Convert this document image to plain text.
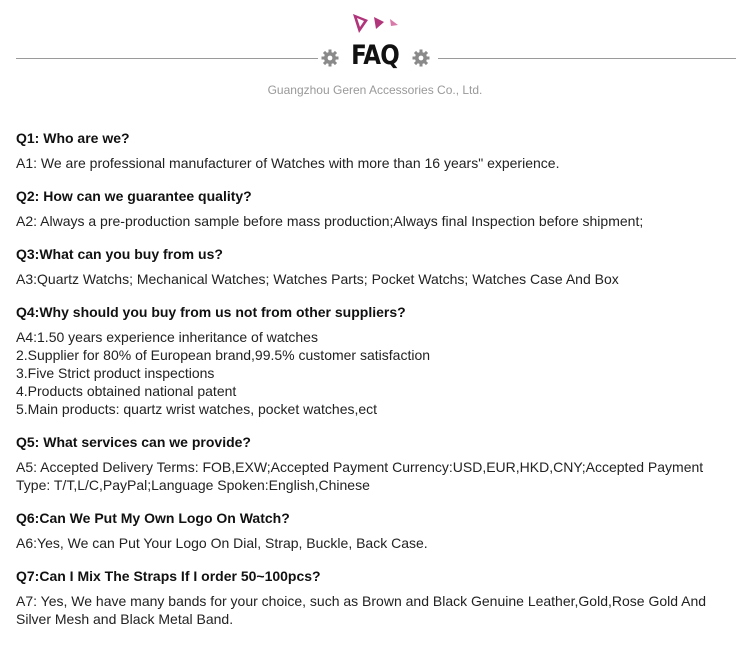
FAQ
Guangzhou Geren Accessories Co., Ltd.

Q1: Who are we?

A1: We are professional manufacturer of Watches with more than 16 years" experience.

Q2: How can we guarantee quality?

A2: Always a pre-production sample before mass production;Always final Inspection before shipment;

Q3:What can you buy from us?

A3:Quartz Watchs; Mechanical Watches; Watches Parts; Pocket Watchs; Watches Case And Box

Q4:Why should you buy from us not from other suppliers?

A4:1.50 years experience inheritance of watches
2.Supplier for 80% of European brand,99.5% customer satisfaction
3.Five Strict product inspections
4.Products obtained national patent
5.Main products: quartz wrist watches, pocket watches,ect

Q5: What services can we provide?

A5: Accepted Delivery Terms: FOB,EXW;Accepted Payment Currency:USD,EUR,HKD,CNY;Accepted Payment Type: T/T,L/C,PayPal;Language Spoken:English,Chinese

Q6:Can We Put My Own Logo On Watch?

A6:Yes, We can Put Your Logo On Dial, Strap, Buckle, Back Case.

Q7:Can I Mix The Straps If I order 50~100pcs?

A7: Yes, We have many bands for your choice, such as Brown and Black Genuine Leather,Gold,Rose Gold And Silver Mesh and Black Metal Band.
